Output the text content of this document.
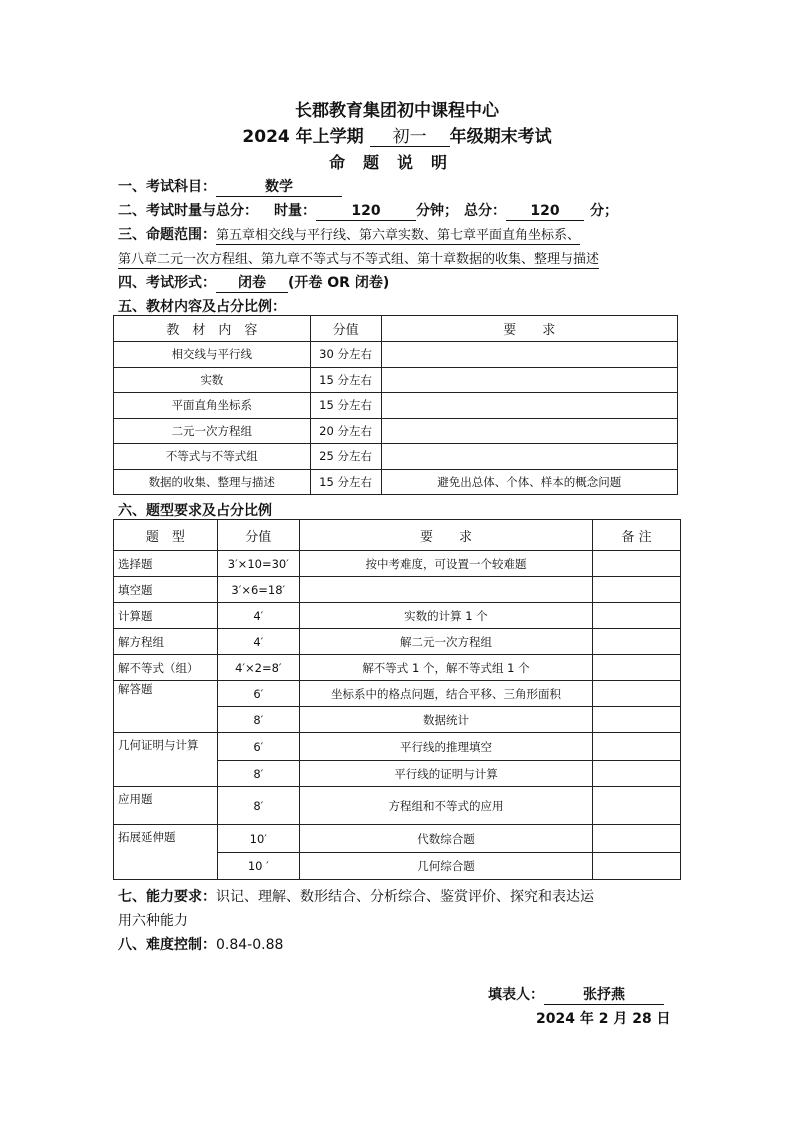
长郡教育集团初中课程中心
2024 年上学期 初一 年级期末考试
命题说明
一、考试科目：	数学
二、考试时量与总分： 时量：	120	分钟； 总分： 120 分；
三、命题范围：第五章相交线与平行线、第六章实数、第七章平面直角坐标系、
第八章二元一次方程组、第九章不等式与不等式组、第十章数据的收集、整理与描述
四、考试形式： 闭卷 (开卷 OR 闭卷)
五、教材内容及占分比例：
教　材　内　容	分值	要　　求
相交线与平行线	30 分左右	
实数	15 分左右	
平面直角坐标系	15 分左右	
二元一次方程组	20 分左右	
不等式与不等式组	25 分左右	
数据的收集、整理与描述	15 分左右	避免出总体、个体、样本的概念问题
六、题型要求及占分比例
题　型	分值	要　　求	备 注
选择题	3′×10=30′	按中考难度，可设置一个较难题	
填空题	3′×6=18′		
计算题	4′	实数的计算 1 个	
解方程组	4′	解二元一次方程组	
解不等式（组）	4′×2=8′	解不等式 1 个，解不等式组 1 个	
解答题	6′	坐标系中的格点问题，结合平移、三角形面积	
	8′	数据统计	
几何证明与计算	6′	平行线的推理填空	
	8′	平行线的证明与计算	
应用题	8′	方程组和不等式的应用	
拓展延伸题	10′	代数综合题	
	10 ′	几何综合题	
七、能力要求：识记、理解、数形结合、分析综合、鉴赏评价、探究和表达运
用六种能力
八、难度控制：0.84-0.88
填表人：	张抒燕
2024 年 2 月 28 日
